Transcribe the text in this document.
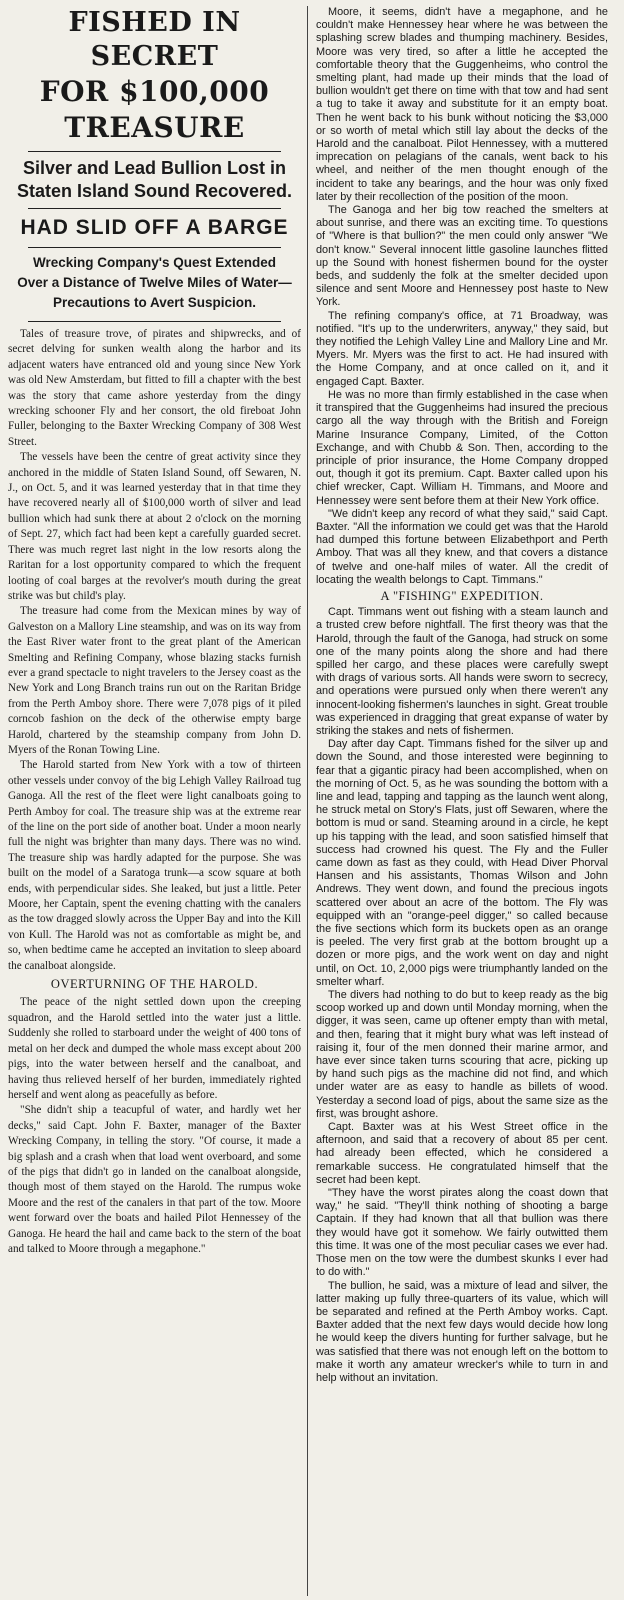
FISHED IN SECRET
FOR $100,000 TREASURE
Silver and Lead Bullion Lost in Staten Island Sound Recovered.
HAD SLID OFF A BARGE
Wrecking Company's Quest Extended Over a Distance of Twelve Miles of Water—Precautions to Avert Suspicion.

Tales of treasure trove, of pirates and shipwrecks, and of secret delving for sunken wealth along the harbor and its adjacent waters have entranced old and young since New York was old New Amsterdam, but fitted to fill a chapter with the best was the story that came ashore yesterday from the dingy wrecking schooner Fly and her consort, the old fireboat John Fuller, belonging to the Baxter Wrecking Company of 308 West Street.

The vessels have been the centre of great activity since they anchored in the middle of Staten Island Sound, off Sewaren, N. J., on Oct. 5, and it was learned yesterday that in that time they have recovered nearly all of $100,000 worth of silver and lead bullion which had sunk there at about 2 o'clock on the morning of Sept. 27, which fact had been kept a carefully guarded secret. There was much regret last night in the low resorts along the Raritan for a lost opportunity compared to which the frequent looting of coal barges at the revolver's mouth during the great strike was but child's play.

The treasure had come from the Mexican mines by way of Galveston on a Mallory Line steamship, and was on its way from the East River water front to the great plant of the American Smelting and Refining Company, whose blazing stacks furnish ever a grand spectacle to night travelers to the Jersey coast as the New York and Long Branch trains run out on the Raritan Bridge from the Perth Amboy shore. There were 7,078 pigs of it piled corncob fashion on the deck of the otherwise empty barge Harold, chartered by the steamship company from John D. Myers of the Ronan Towing Line.

The Harold started from New York with a tow of thirteen other vessels under convoy of the big Lehigh Valley Railroad tug Ganoga. All the rest of the fleet were light canalboats going to Perth Amboy for coal. The treasure ship was at the extreme rear of the line on the port side of another boat. Under a moon nearly full the night was brighter than many days. There was no wind. The treasure ship was hardly adapted for the purpose. She was built on the model of a Saratoga trunk—a scow square at both ends, with perpendicular sides. She leaked, but just a little. Peter Moore, her Captain, spent the evening chatting with the canalers as the tow dragged slowly across the Upper Bay and into the Kill von Kull. The Harold was not as comfortable as might be, and so, when bedtime came he accepted an invitation to sleep aboard the canalboat alongside.

OVERTURNING OF THE HAROLD.

The peace of the night settled down upon the creeping squadron, and the Harold settled into the water just a little. Suddenly she rolled to starboard under the weight of 400 tons of metal on her deck and dumped the whole mass except about 200 pigs, into the water between herself and the canalboat, and having thus relieved herself of her burden, immediately righted herself and went along as peacefully as before.

"She didn't ship a teacupful of water, and hardly wet her decks," said Capt. John F. Baxter, manager of the Baxter Wrecking Company, in telling the story. "Of course, it made a big splash and a crash when that load went overboard, and some of the pigs that didn't go in landed on the canalboat alongside, though most of them stayed on the Harold. The rumpus woke Moore and the rest of the canalers in that part of the tow. Moore went forward over the boats and hailed Pilot Hennessey of the Ganoga. He heard the hail and came back to the stern of the boat and talked to Moore through a megaphone."

Moore, it seems, didn't have a megaphone, and he couldn't make Hennessey hear where he was between the splashing screw blades and thumping machinery. Besides, Moore was very tired, so after a little he accepted the comfortable theory that the Guggenheims, who control the smelting plant, had made up their minds that the load of bullion wouldn't get there on time with that tow and had sent a tug to take it away and substitute for it an empty boat. Then he went back to his bunk without noticing the $3,000 or so worth of metal which still lay about the decks of the Harold and the canalboat. Pilot Hennessey, with a muttered imprecation on pelagians of the canals, went back to his wheel, and neither of the men thought enough of the incident to take any bearings, and the hour was only fixed later by their recollection of the position of the moon.

The Ganoga and her big tow reached the smelters at about sunrise, and there was an exciting time. To questions of "Where is that bullion?" the men could only answer "We don't know." Several innocent little gasoline launches flitted up the Sound with honest fishermen bound for the oyster beds, and suddenly the folk at the smelter decided upon silence and sent Moore and Hennessey post haste to New York.

The refining company's office, at 71 Broadway, was notified. "It's up to the underwriters, anyway," they said, but they notified the Lehigh Valley Line and Mallory Line and Mr. Myers. Mr. Myers was the first to act. He had insured with the Home Company, and at once called on it, and it engaged Capt. Baxter.

He was no more than firmly established in the case when it transpired that the Guggenheims had insured the precious cargo all the way through with the British and Foreign Marine Insurance Company, Limited, of the Cotton Exchange, and with Chubb & Son. Then, according to the principle of prior insurance, the Home Company dropped out, though it got its premium. Capt. Baxter called upon his chief wrecker, Capt. William H. Timmans, and Moore and Hennessey were sent before them at their New York office.

"We didn't keep any record of what they said," said Capt. Baxter. "All the information we could get was that the Harold had dumped this fortune between Elizabethport and Perth Amboy. That was all they knew, and that covers a distance of twelve and one-half miles of water. All the credit of locating the wealth belongs to Capt. Timmans."

A "FISHING" EXPEDITION.

Capt. Timmans went out fishing with a steam launch and a trusted crew before nightfall. The first theory was that the Harold, through the fault of the Ganoga, had struck on some one of the many points along the shore and had there spilled her cargo, and these places were carefully swept with drags of various sorts. All hands were sworn to secrecy, and operations were pursued only when there weren't any innocent-looking fishermen's launches in sight. Great trouble was experienced in dragging that great expanse of water by striking the stakes and nets of fishermen.

Day after day Capt. Timmans fished for the silver up and down the Sound, and those interested were beginning to fear that a gigantic piracy had been accomplished, when on the morning of Oct. 5, as he was sounding the bottom with a line and lead, tapping and tapping as the launch went along, he struck metal on Story's Flats, just off Sewaren, where the bottom is mud or sand. Steaming around in a circle, he kept up his tapping with the lead, and soon satisfied himself that success had crowned his quest. The Fly and the Fuller came down as fast as they could, with Head Diver Phorval Hansen and his assistants, Thomas Wilson and John Andrews. They went down, and found the precious ingots scattered over about an acre of the bottom. The Fly was equipped with an "orange-peel digger," so called because the five sections which form its buckets open as an orange is peeled. The very first grab at the bottom brought up a dozen or more pigs, and the work went on day and night until, on Oct. 10, 2,000 pigs were triumphantly landed on the smelter wharf.

The divers had nothing to do but to keep ready as the big scoop worked up and down until Monday morning, when the digger, it was seen, came up oftener empty than with metal, and then, fearing that it might bury what was left instead of raising it, four of the men donned their marine armor, and have ever since taken turns scouring that acre, picking up by hand such pigs as the machine did not find, and which under water are as easy to handle as billets of wood. Yesterday a second load of pigs, about the same size as the first, was brought ashore.

Capt. Baxter was at his West Street office in the afternoon, and said that a recovery of about 85 per cent. had already been effected, which he considered a remarkable success. He congratulated himself that the secret had been kept.

"They have the worst pirates along the coast down that way," he said. "They'll think nothing of shooting a barge Captain. If they had known that all that bullion was there they would have got it somehow. We fairly outwitted them this time. It was one of the most peculiar cases we ever had. Those men on the tow were the dumbest skunks I ever had to do with."

The bullion, he said, was a mixture of lead and silver, the latter making up fully three-quarters of its value, which will be separated and refined at the Perth Amboy works. Capt. Baxter added that the next few days would decide how long he would keep the divers hunting for further salvage, but he was satisfied that there was not enough left on the bottom to make it worth any amateur wrecker's while to turn in and help without an invitation.
